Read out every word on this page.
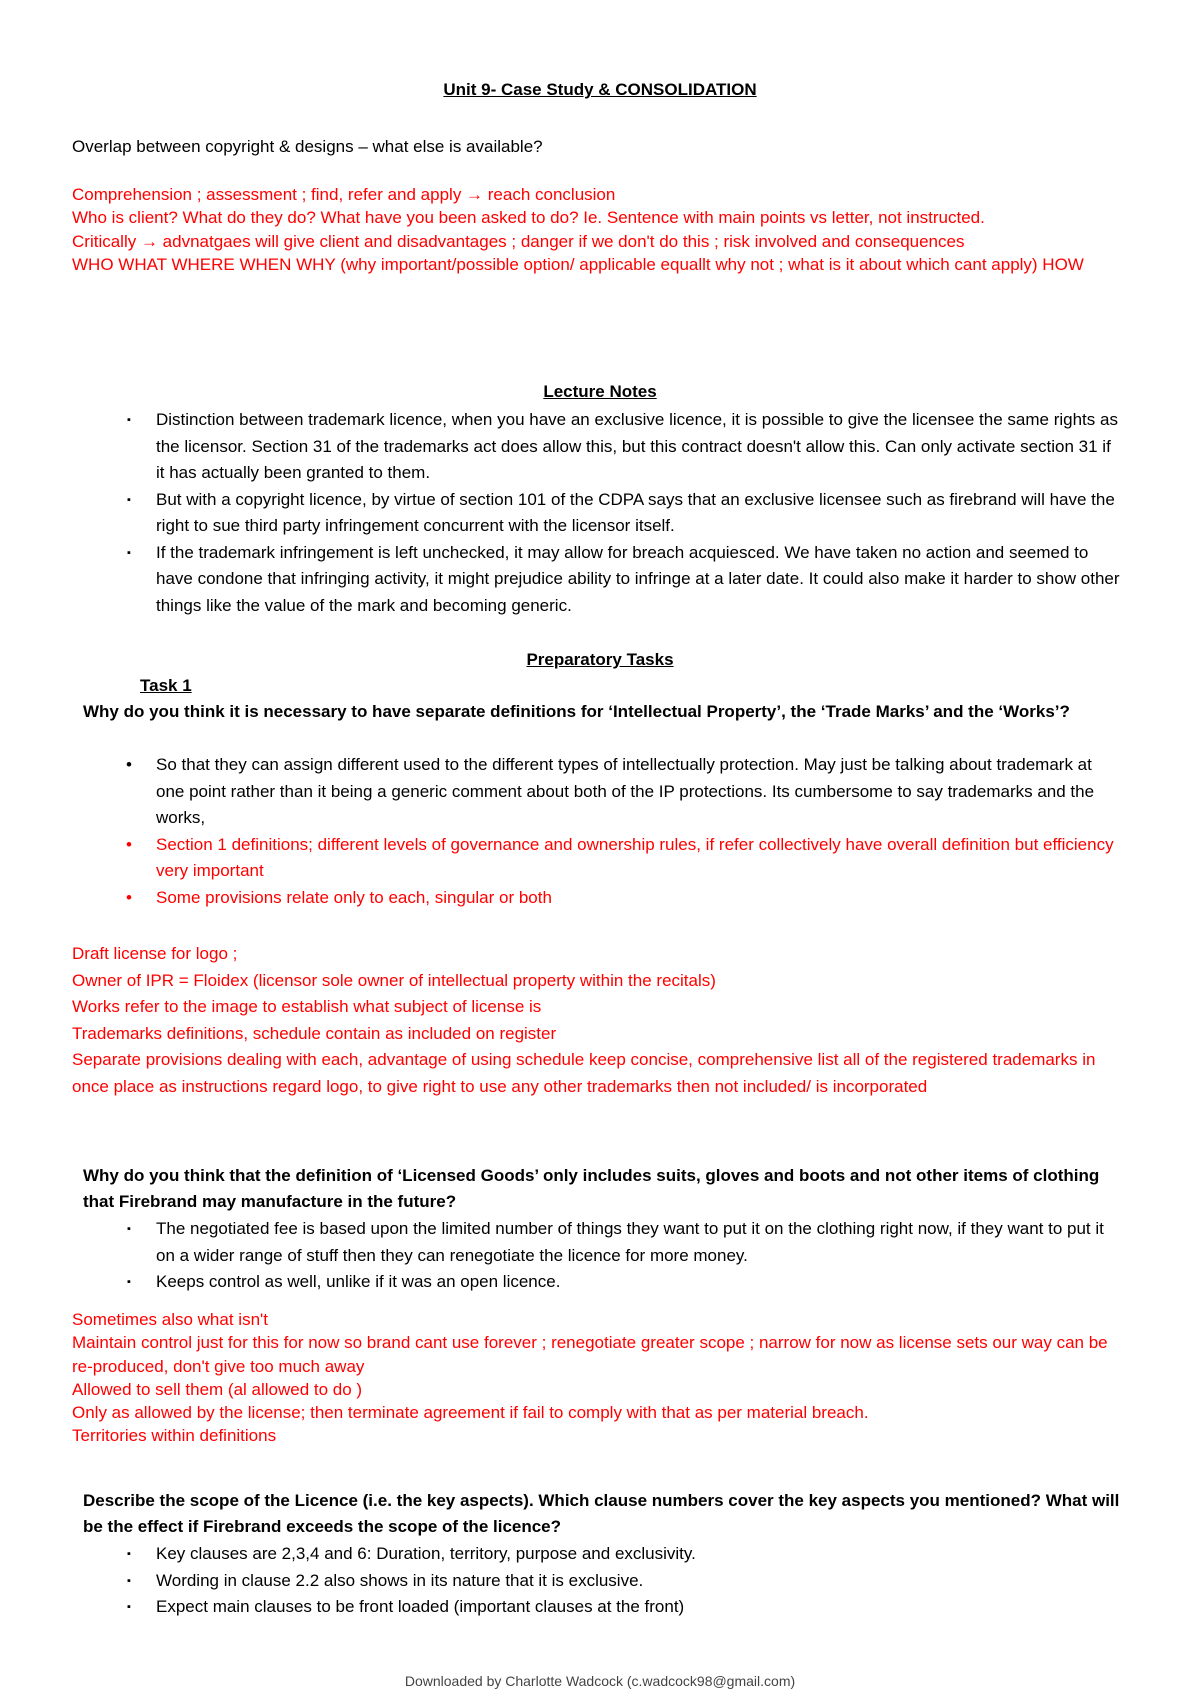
Unit 9- Case Study & CONSOLIDATION
Overlap between copyright & designs – what else is available?
Comprehension ; assessment ; find, refer and apply → reach conclusion
Who is client? What do they do? What have you been asked to do? Ie. Sentence with main points vs letter, not instructed.
Critically → advnatgaes will give client and disadvantages ; danger if we don't do this ; risk involved and consequences
WHO WHAT WHERE WHEN WHY (why important/possible option/ applicable equallt why not ; what is it about which cant apply) HOW
Lecture Notes
▪ Distinction between trademark licence, when you have an exclusive licence, it is possible to give the licensee the same rights as the licensor. Section 31 of the trademarks act does allow this, but this contract doesn't allow this. Can only activate section 31 if it has actually been granted to them.
▪ But with a copyright licence, by virtue of section 101 of the CDPA says that an exclusive licensee such as firebrand will have the right to sue third party infringement concurrent with the licensor itself.
▪ If the trademark infringement is left unchecked, it may allow for breach acquiesced. We have taken no action and seemed to have condone that infringing activity, it might prejudice ability to infringe at a later date. It could also make it harder to show other things like the value of the mark and becoming generic.
Preparatory Tasks
Task 1
Why do you think it is necessary to have separate definitions for ‘Intellectual Property’, the ‘Trade Marks’ and the ‘Works’?
• So that they can assign different used to the different types of intellectually protection. May just be talking about trademark at one point rather than it being a generic comment about both of the IP protections. Its cumbersome to say trademarks and the works,
• Section 1 definitions; different levels of governance and ownership rules, if refer collectively have overall definition but efficiency very important
• Some provisions relate only to each, singular or both
Draft license for logo ;
Owner of IPR = Floidex (licensor sole owner of intellectual property within the recitals)
Works refer to the image to establish what subject of license is
Trademarks definitions, schedule contain as included on register
Separate provisions dealing with each, advantage of using schedule keep concise, comprehensive list all of the registered trademarks in once place as instructions regard logo, to give right to use any other trademarks then not included/ is incorporated
Why do you think that the definition of ‘Licensed Goods’ only includes suits, gloves and boots and not other items of clothing that Firebrand may manufacture in the future?
▪ The negotiated fee is based upon the limited number of things they want to put it on the clothing right now, if they want to put it on a wider range of stuff then they can renegotiate the licence for more money.
▪ Keeps control as well, unlike if it was an open licence.
Sometimes also what isn't
Maintain control just for this for now so brand cant use forever ; renegotiate greater scope ; narrow for now as license sets our way can be re-produced, don't give too much away
Allowed to sell them (al allowed to do )
Only as allowed by the license; then terminate agreement if fail to comply with that as per material breach.
Territories within definitions
Describe the scope of the Licence (i.e. the key aspects). Which clause numbers cover the key aspects you mentioned? What will be the effect if Firebrand exceeds the scope of the licence?
▪ Key clauses are 2,3,4 and 6: Duration, territory, purpose and exclusivity.
▪ Wording in clause 2.2 also shows in its nature that it is exclusive.
▪ Expect main clauses to be front loaded (important clauses at the front)
Downloaded by Charlotte Wadcock (c.wadcock98@gmail.com)
